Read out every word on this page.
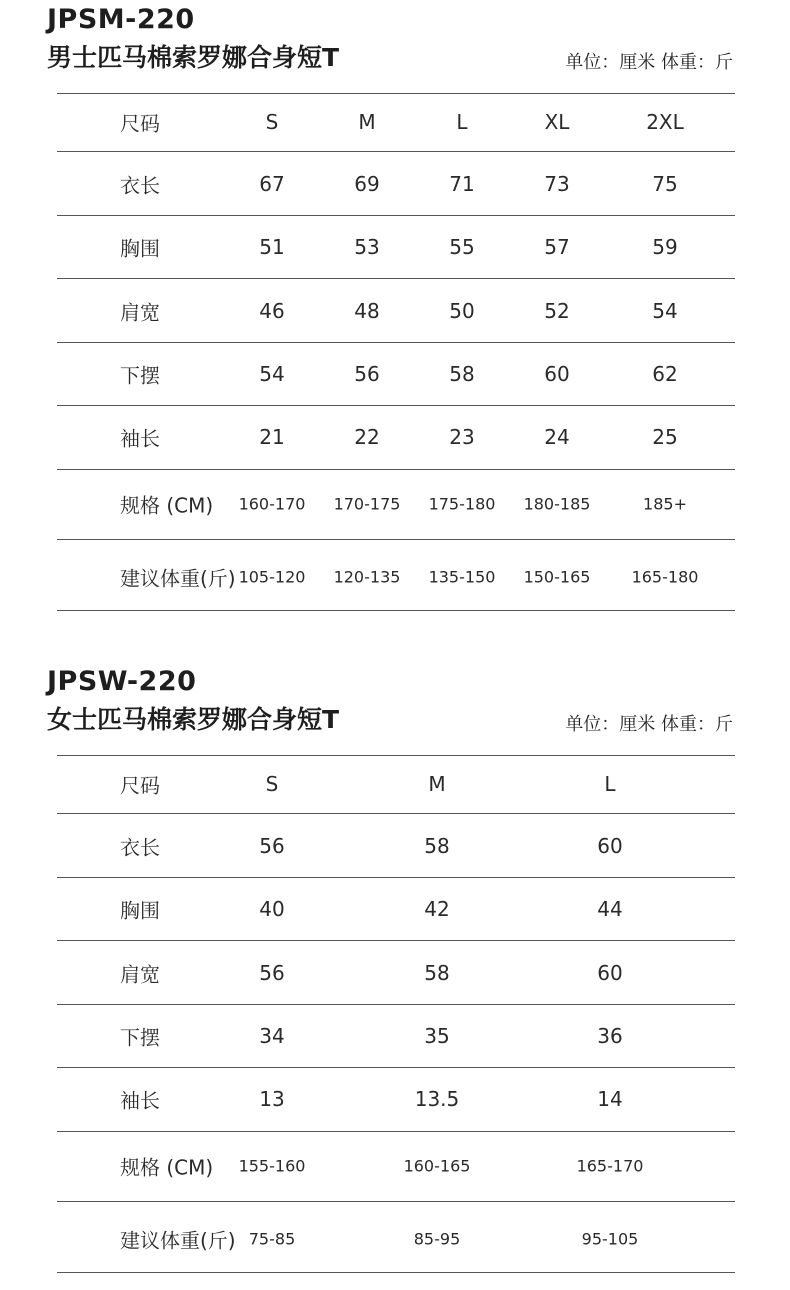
JPSM-220
男士匹马棉索罗娜合身短T	单位：厘米 体重：斤
尺码	S	M	L	XL	2XL
衣长	67	69	71	73	75
胸围	51	53	55	57	59
肩宽	46	48	50	52	54
下摆	54	56	58	60	62
袖长	21	22	23	24	25
规格 (CM) 160-170 170-175 175-180 180-185	185+
建议体重(斤) 105-120 120-135 135-150 150-165	165-180
JPSW-220
女士匹马棉索罗娜合身短T	单位：厘米 体重：斤
尺码	S	M	L
衣长	56	58	60
胸围	40	42	44
肩宽	56	58	60
下摆	34	35	36
袖长	13	13.5	14
规格 (CM) 155-160	160-165	165-170
建议体重(斤) 75-85	85-95	95-105
